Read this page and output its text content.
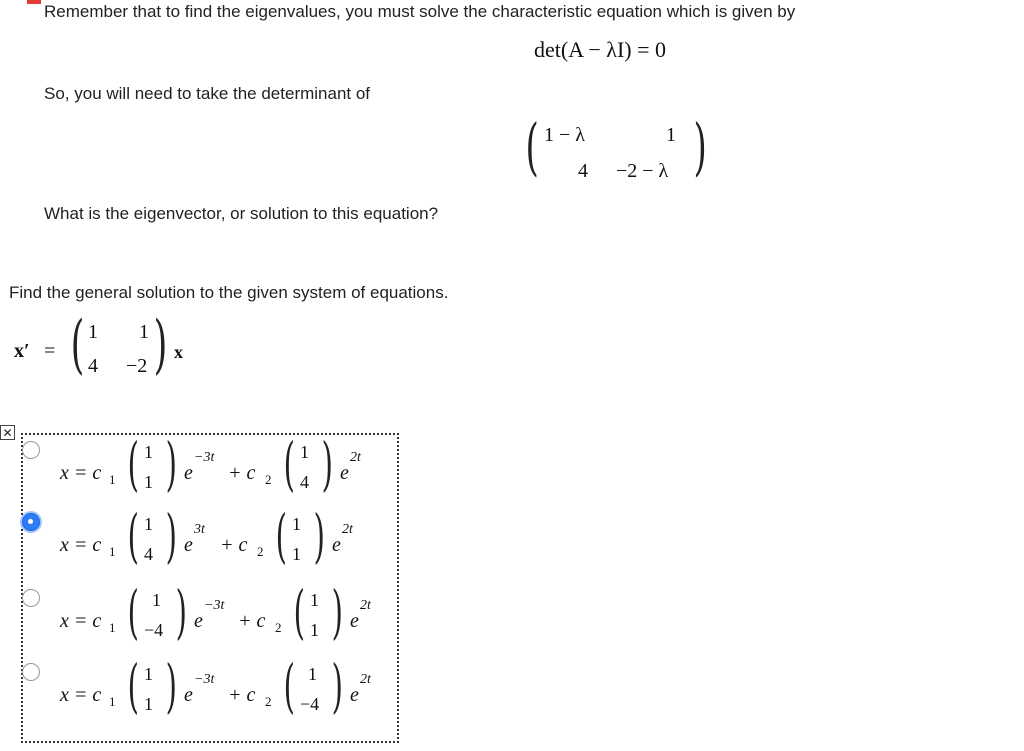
Remember that to find the eigenvalues, you must solve the characteristic equation which is given by
det(A − λI) = 0
So, you will need to take the determinant of
( 1 − λ	1
4 −2 − λ )
What is the eigenvector, or solution to this equation?
Find the general solution to the given system of equations.
x′ = ( 1 1
4 −2 ) x
✕
x = c 1 ( 1
1 ) e
−3t
+ c 2 ( 1
4 ) e
2t
x = c 1 ( 1
4 ) e
3t
+ c 2 ( 1
1 ) e
2t
x = c 1 ( 1
−4 ) e
−3t
+ c 2 ( 1
1 ) e
2t
x = c 1 ( 1
1 ) e
−3t
+ c 2 ( 1
−4 ) e
2t
